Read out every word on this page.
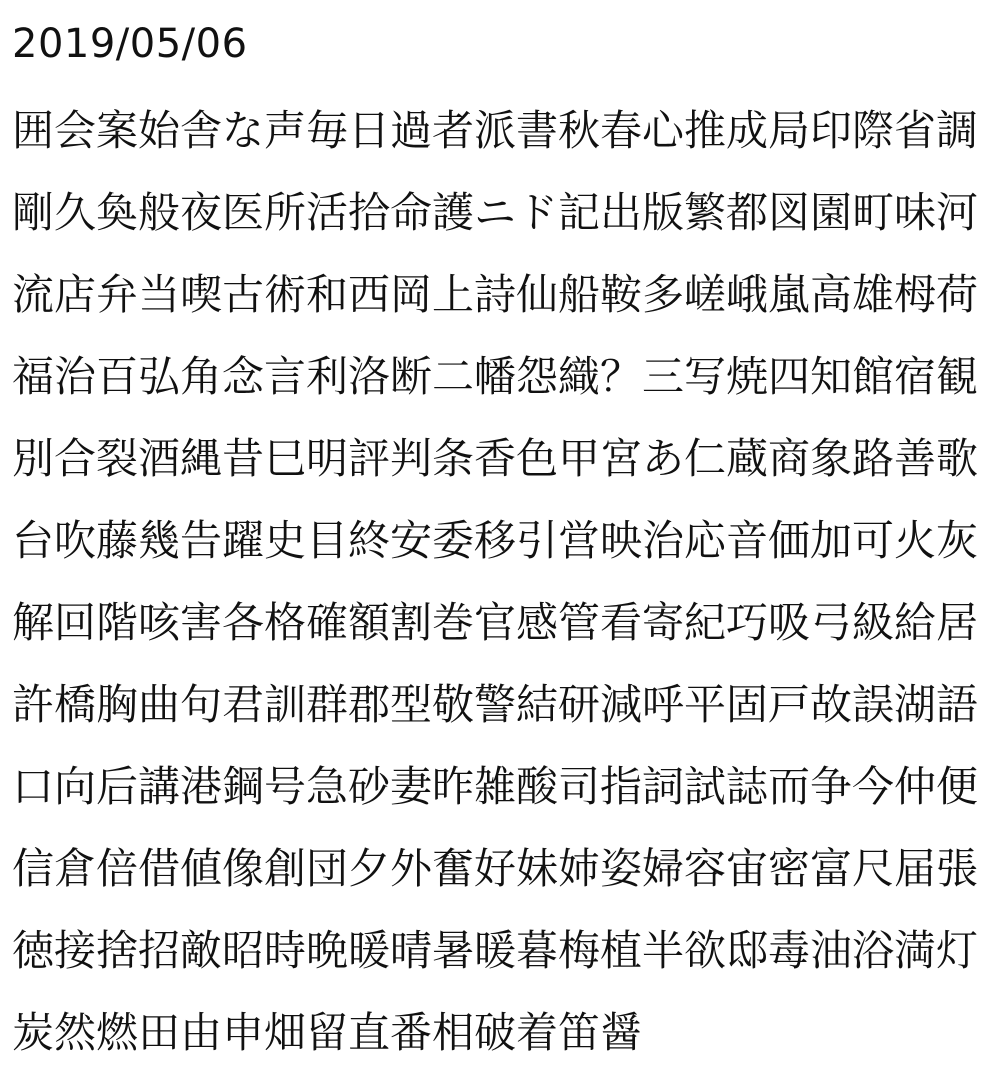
2019/05/06
囲会案始舎な声毎日過者派書秋春心推成局印際省調
剛久奐般夜医所活拾命護ニド記出版繁都図園町味河
流店弁当喫古術和西岡上詩仙船鞍多嵯峨嵐高雄栂荷
福治百弘角念言利洛断二幡怨織？三写焼四知館宿観
別合裂酒縄昔巳明評判条香色甲宮あ仁蔵商象路善歌
台吹藤幾告躍史目終安委移引営映治応音価加可火灰
解回階咳害各格確額割巻官感管看寄紀巧吸弓級給居
許橋胸曲句君訓群郡型敬警結研減呼平固戸故誤湖語
口向后講港鋼号急砂妻昨雑酸司指詞試誌而争今仲便
信倉倍借値像創団夕外奮好妹姉姿婦容宙密富尺届張
徳接捨招敵昭時晩暖晴暑暖暮梅植半欲邸毒油浴満灯
炭然燃田由申畑留直番相破着笛醤
